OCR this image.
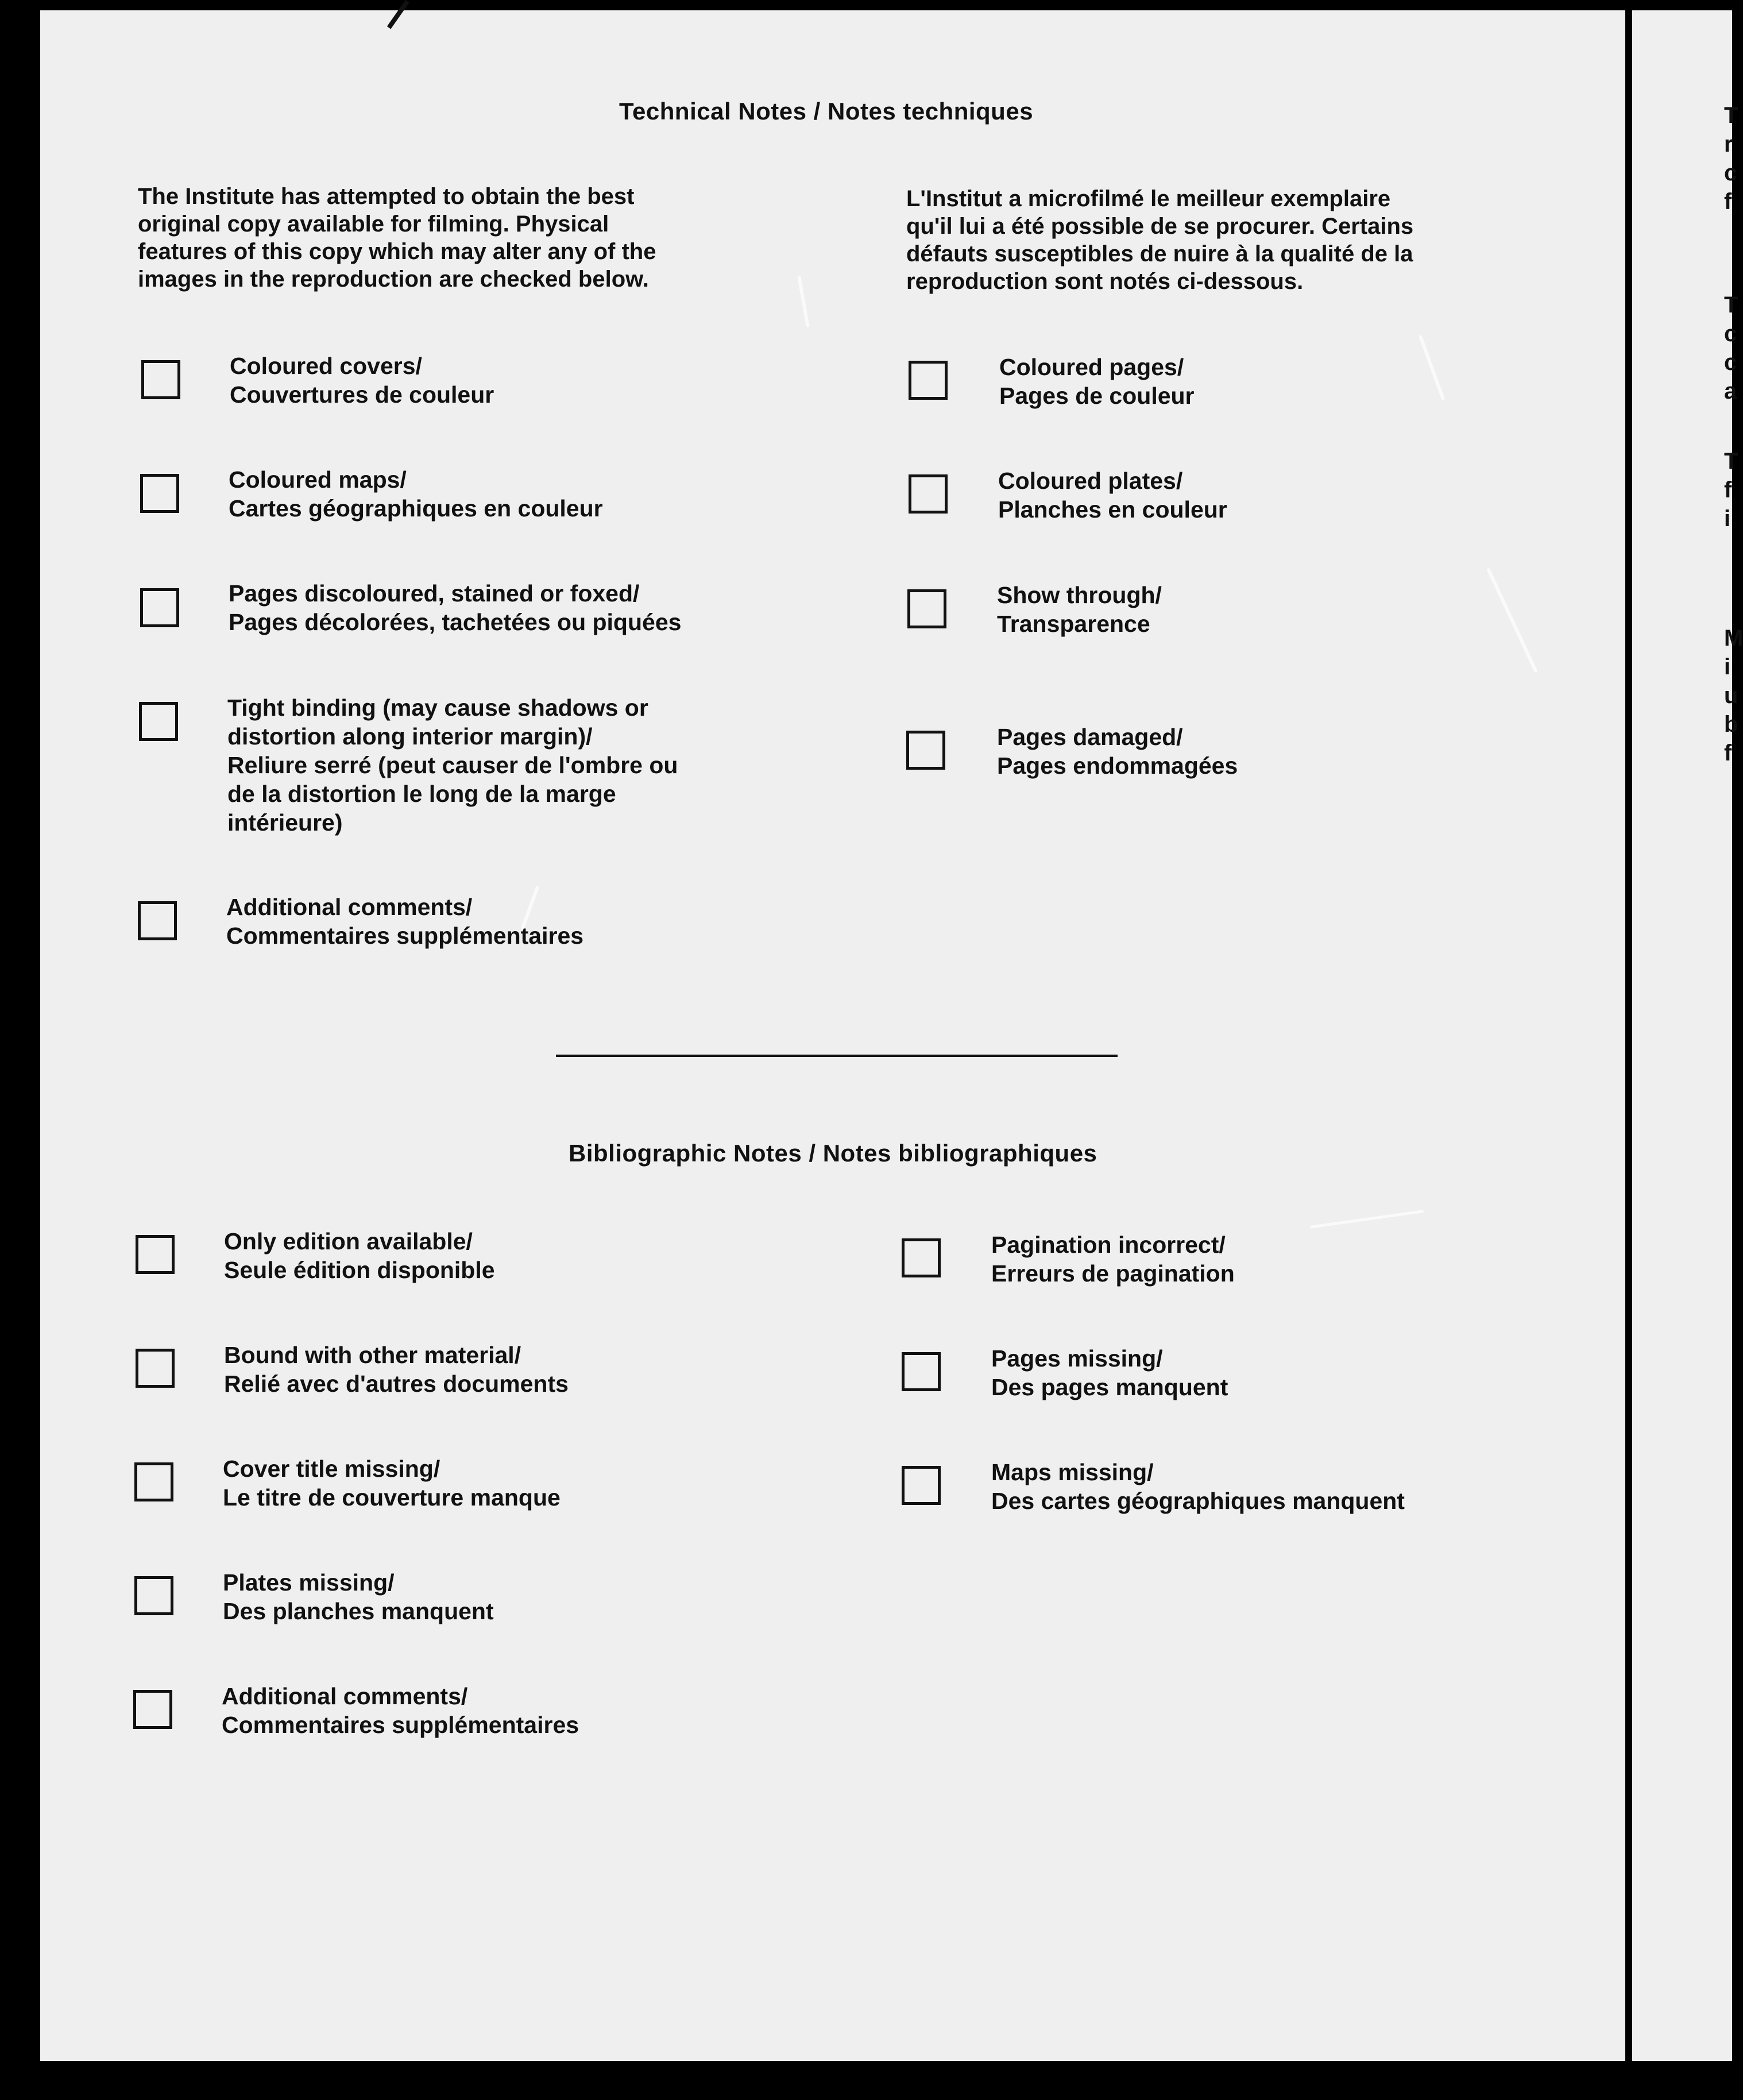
Technical Notes / Notes techniques
The Institute has attempted to obtain the best
original copy available for filming. Physical
features of this copy which may alter any of the
images in the reproduction are checked below.
L'Institut a microfilmé le meilleur exemplaire
qu'il lui a été possible de se procurer. Certains
défauts susceptibles de nuire à la qualité de la
reproduction sont notés ci-dessous.
Coloured covers/
Couvertures de couleur
Coloured maps/
Cartes géographiques en couleur
Pages discoloured, stained or foxed/
Pages décolorées, tachetées ou piquées
Tight binding (may cause shadows or
distortion along interior margin)/
Reliure serré (peut causer de l'ombre ou
de la distortion le long de la marge
intérieure)
Additional comments/
Commentaires supplémentaires
Coloured pages/
Pages de couleur
Coloured plates/
Planches en couleur
Show through/
Transparence
Pages damaged/
Pages endommagées
Bibliographic Notes / Notes bibliographiques
Only edition available/
Seule édition disponible
Bound with other material/
Relié avec d'autres documents
Cover title missing/
Le titre de couverture manque
Plates missing/
Des planches manquent
Additional comments/
Commentaires supplémentaires
Pagination incorrect/
Erreurs de pagination
Pages missing/
Des pages manquent
Maps missing/
Des cartes géographiques manquent
T
r
c
f
T
c
c
a
T
f
i
M
i
u
b
f
